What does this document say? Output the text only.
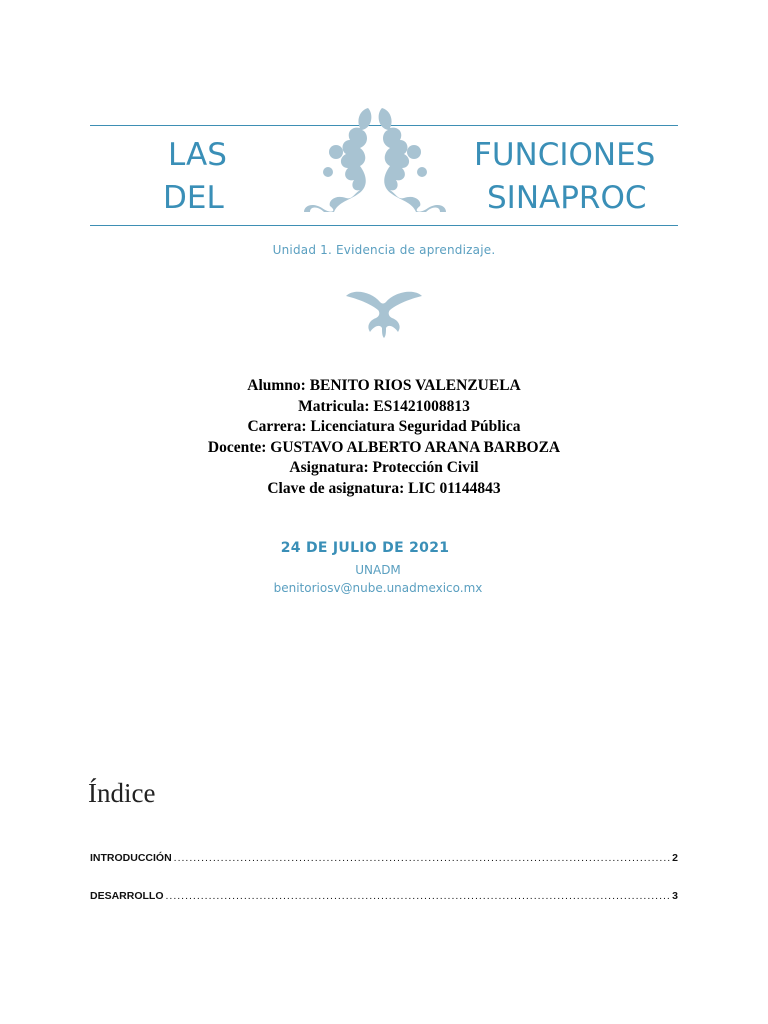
LAS
DEL
FUNCIONES
SINAPROC
Unidad 1. Evidencia de aprendizaje.
Alumno: BENITO RIOS VALENZUELA
Matricula: ES1421008813
Carrera: Licenciatura Seguridad Pública
Docente: GUSTAVO ALBERTO ARANA BARBOZA
Asignatura: Protección Civil
Clave de asignatura: LIC 01144843
24 DE JULIO DE 2021
UNADM
benitoriosv@nube.unadmexico.mx
Índice
INTRODUCCIÓN .....	2
DESARROLLO .....	3
